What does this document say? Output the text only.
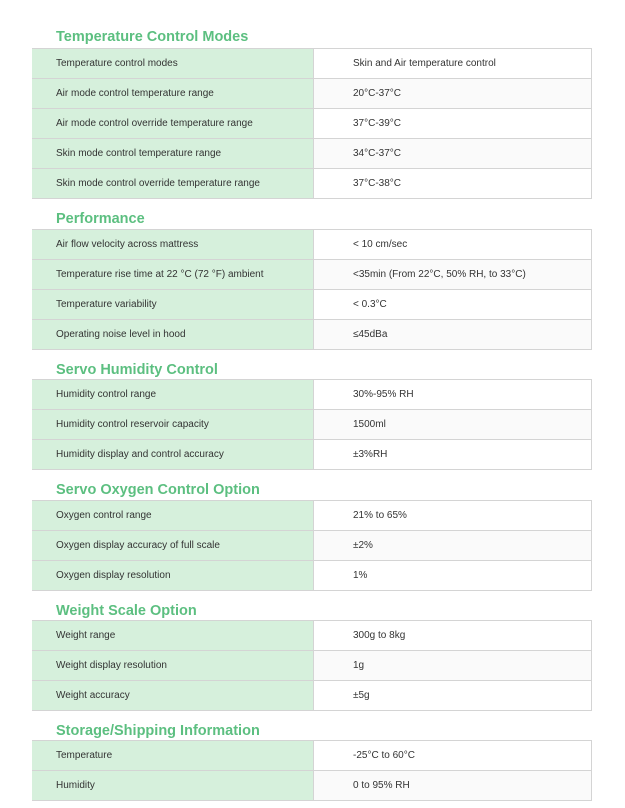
Temperature Control Modes
Temperature control modes	Skin and Air temperature control
Air mode control temperature range	20°C-37°C
Air mode control override temperature range	37°C-39°C
Skin mode control temperature range	34°C-37°C
Skin mode control override temperature range	37°C-38°C
Performance
Air flow velocity across mattress	< 10 cm/sec
Temperature rise time at 22 °C (72 °F) ambient	<35min (From 22°C, 50% RH, to 33°C)
Temperature variability	< 0.3°C
Operating noise level in hood	≤45dBa
Servo Humidity Control
Humidity control range	30%-95% RH
Humidity control reservoir capacity	1500ml
Humidity display and control accuracy	±3%RH
Servo Oxygen Control Option
Oxygen control range	21% to 65%
Oxygen display accuracy of full scale	±2%
Oxygen display resolution	1%
Weight Scale Option
Weight range	300g to 8kg
Weight display resolution	1g
Weight accuracy	±5g
Storage/Shipping Information
Temperature	-25°C to 60°C
Humidity	0 to 95% RH
